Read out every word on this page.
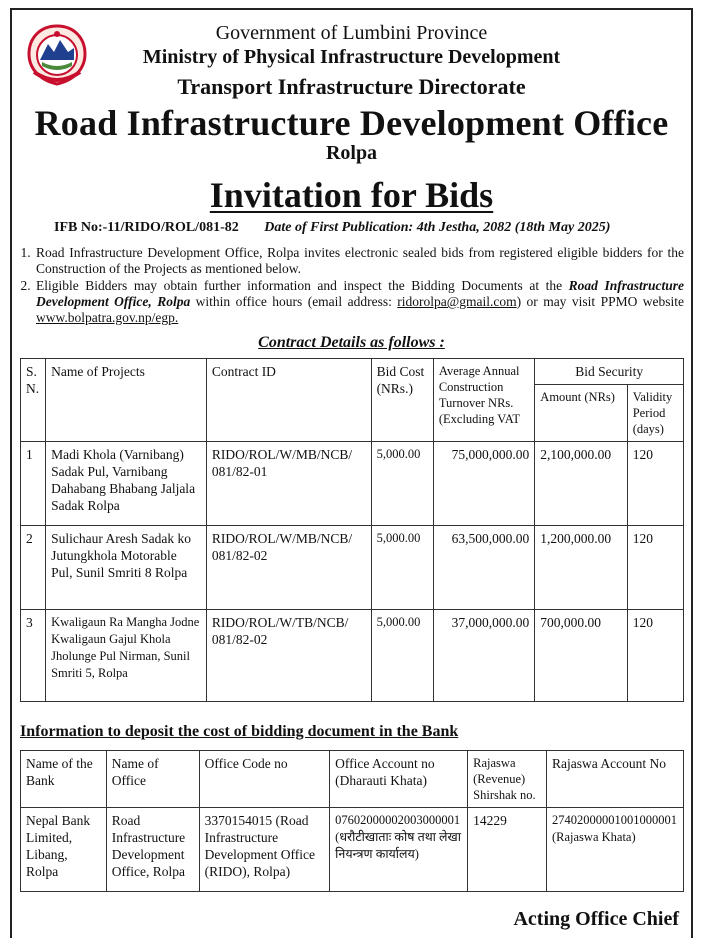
Government of Lumbini Province
Ministry of Physical Infrastructure Development
Transport Infrastructure Directorate
Road Infrastructure Development Office
Rolpa
Invitation for Bids
IFB No:-11/RIDO/ROL/081-82 Date of First Publication: 4th Jestha, 2082 (18th May 2025)
1. Road Infrastructure Development Office, Rolpa invites electronic sealed bids from registered eligible bidders for the Construction of the Projects as mentioned below.
2. Eligible Bidders may obtain further information and inspect the Bidding Documents at the Road Infrastructure Development Office, Rolpa within office hours (email address: ridorolpa@gmail.com) or may visit PPMO website www.bolpatra.gov.np/egp.
Contract Details as follows :
S. N.	Name of Projects	Contract ID	Bid Cost (NRs.)	Average Annual Construction Turnover NRs. (Excluding VAT	Bid Security	
					Amount (NRs)	Validity Period (days)
1	Madi Khola (Varnibang) Sadak Pul, Varnibang Dahabang Bhabang Jaljala Sadak Rolpa	RIDO/ROL/W/MB/NCB/ 081/82-01	5,000.00	75,000,000.00	2,100,000.00	120
2	Sulichaur Aresh Sadak ko Jutungkhola Motorable Pul, Sunil Smriti 8 Rolpa	RIDO/ROL/W/MB/NCB/ 081/82-02	5,000.00	63,500,000.00	1,200,000.00	120
3	Kwaligaun Ra Mangha Jodne Kwaligaun Gajul Khola Jholunge Pul Nirman, Sunil Smriti 5, Rolpa	RIDO/ROL/W/TB/NCB/ 081/82-02	5,000.00	37,000,000.00	700,000.00	120
Information to deposit the cost of bidding document in the Bank
Name of the Bank	Name of Office	Office Code no	Office Account no (Dharauti Khata)	Rajaswa (Revenue) Shirshak no.	Rajaswa Account No
Nepal Bank Limited, Libang, Rolpa	Road Infrastructure Development Office, Rolpa	3370154015 (Road Infrastructure Development Office (RIDO), Rolpa)	07602000002003000001 (धरौटीखाताः कोष तथा लेखा नियन्त्रण कार्यालय)	14229	27402000001001000001 (Rajaswa Khata)
Acting Office Chief
